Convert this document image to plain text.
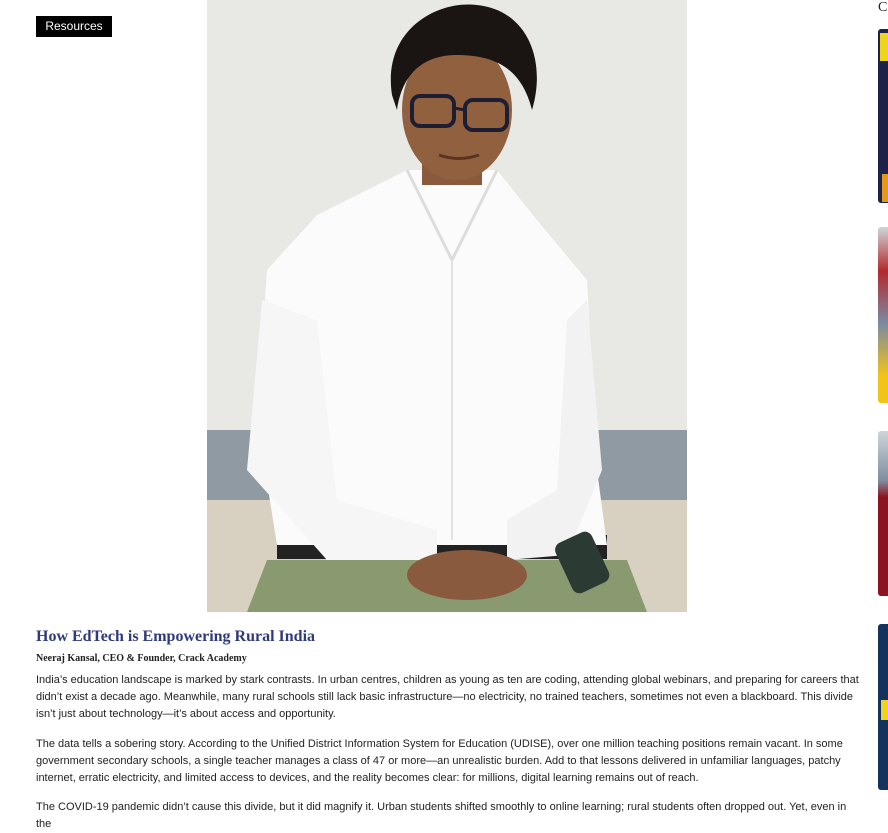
Resources
How EdTech is Empowering Rural India
Neeraj Kansal, CEO & Founder, Crack Academy

India’s education landscape is marked by stark contrasts. In urban centres, children as young as ten are coding, attending global webinars, and preparing for careers that didn’t exist a decade ago. Meanwhile, many rural schools still lack basic infrastructure—no electricity, no trained teachers, sometimes not even a blackboard. This divide isn’t just about technology—it’s about access and opportunity.

The data tells a sobering story. According to the Unified District Information System for Education (UDISE), over one million teaching positions remain vacant. In some government secondary schools, a single teacher manages a class of 47 or more—an unrealistic burden. Add to that lessons delivered in unfamiliar languages, patchy internet, erratic electricity, and limited access to devices, and the reality becomes clear: for millions, digital learning remains out of reach.

The COVID-19 pandemic didn’t cause this divide, but it did magnify it. Urban students shifted smoothly to online learning; rural students often dropped out. Yet, even in the

C
